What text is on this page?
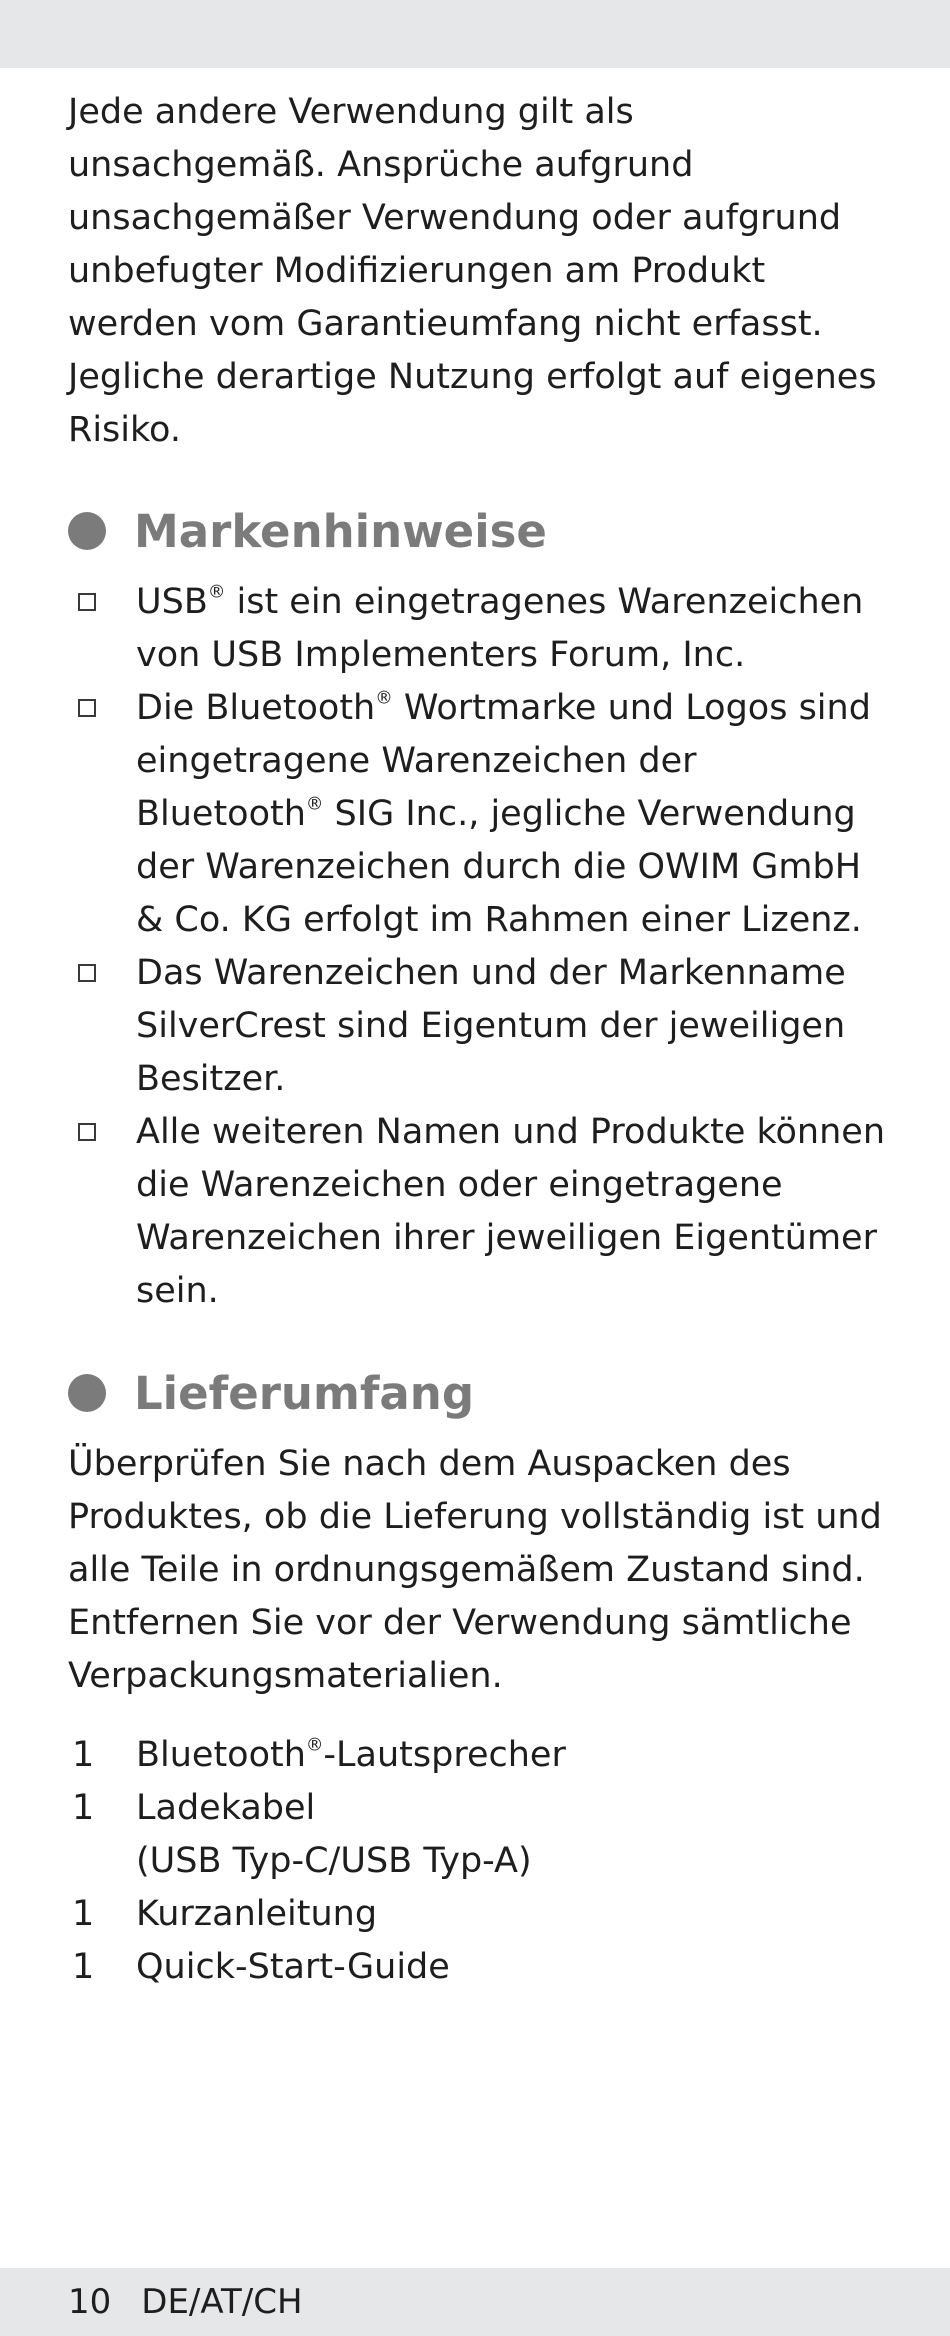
Jede andere Verwendung gilt als unsachgemäß. Ansprüche aufgrund unsachgemäßer Verwendung oder aufgrund unbefugter Modifizierungen am Produkt werden vom Garantieumfang nicht erfasst. Jegliche derartige Nutzung erfolgt auf eigenes Risiko.

Markenhinweise
USB® ist ein eingetragenes Warenzeichen von USB Implementers Forum, Inc.
Die Bluetooth® Wortmarke und Logos sind eingetragene Warenzeichen der Bluetooth® SIG Inc., jegliche Verwendung der Warenzeichen durch die OWIM GmbH & Co. KG erfolgt im Rahmen einer Lizenz.
Das Warenzeichen und der Markenname SilverCrest sind Eigentum der jeweiligen Besitzer.
Alle weiteren Namen und Produkte können die Warenzeichen oder eingetragene Warenzeichen ihrer jeweiligen Eigentümer sein.
Lieferumfang

Überprüfen Sie nach dem Auspacken des Produktes, ob die Lieferung vollständig ist und alle Teile in ordnungsgemäßem Zustand sind. Entfernen Sie vor der Verwendung sämtliche Verpackungsmaterialien.

1 Bluetooth®-Lautsprecher
1 Ladekabel
(USB Typ-C/USB Typ-A)
1 Kurzanleitung
1 Quick-Start-Guide
10 DE/AT/CH
